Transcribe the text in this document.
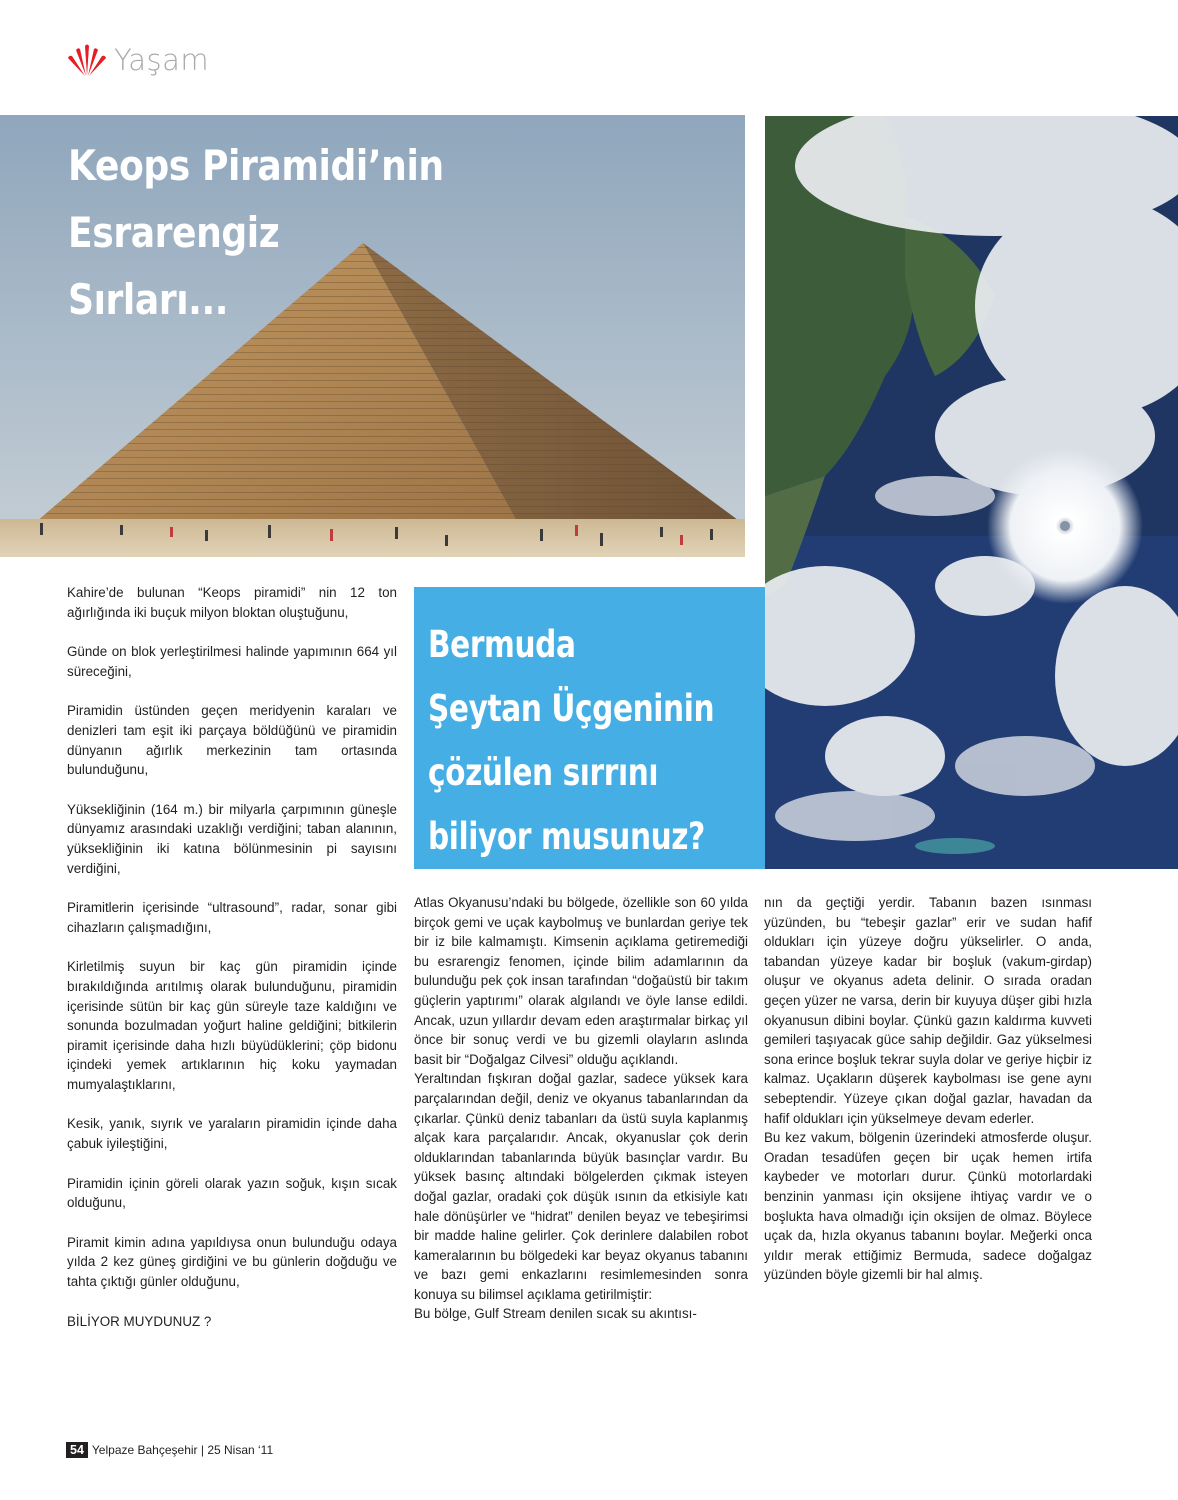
Yaşam
Keops Piramidi’nin
Esrarengiz
Sırları...
Bermuda
Şeytan Üçgeninin
çözülen sırrını
biliyor musunuz?

Kahire’de bulunan “Keops piramidi” nin 12 ton ağırlığında iki buçuk milyon bloktan oluştuğunu,

Günde on blok yerleştirilmesi halinde yapımının 664 yıl süreceğini,

Piramidin üstünden geçen meridyenin karaları ve denizleri tam eşit iki parçaya böldüğünü ve piramidin dünyanın ağırlık merkezinin tam ortasında bulunduğunu,

Yüksekliğinin (164 m.) bir milyarla çarpımının güneşle dünyamız arasındaki uzaklığı verdiğini; taban alanının, yüksekliğinin iki katına bölünmesinin pi sayısını verdiğini,

Piramitlerin içerisinde “ultrasound”, radar, sonar gibi cihazların çalışmadığını,

Kirletilmiş suyun bir kaç gün piramidin içinde bırakıldığında arıtılmış olarak bulunduğunu, piramidin içerisinde sütün bir kaç gün süreyle taze kaldığını ve sonunda bozulmadan yoğurt haline geldiğini; bitkilerin piramit içerisinde daha hızlı büyüdüklerini; çöp bidonu içindeki yemek artıklarının hiç koku yaymadan mumyalaştıklarını,

Kesik, yanık, sıyrık ve yaraların piramidin içinde daha çabuk iyileştiğini,

Piramidin içinin göreli olarak yazın soğuk, kışın sıcak olduğunu,

Piramit kimin adına yapıldıysa onun bulunduğu odaya yılda 2 kez güneş girdiğini ve bu günlerin doğduğu ve tahta çıktığı günler olduğunu,

BİLİYOR MUYDUNUZ ?

Atlas Okyanusu’ndaki bu bölgede, özellikle son 60 yılda birçok gemi ve uçak kaybolmuş ve bunlardan geriye tek bir iz bile kalmamıştı. Kimsenin açıklama getiremediği bu esrarengiz fenomen, içinde bilim adamlarının da bulunduğu pek çok insan tarafından “doğaüstü bir takım güçlerin yaptırımı” olarak algılandı ve öyle lanse edildi. Ancak, uzun yıllardır devam eden araştırmalar birkaç yıl önce bir sonuç verdi ve bu gizemli olayların aslında basit bir “Doğalgaz Cilvesi” olduğu açıklandı.

Yeraltından fışkıran doğal gazlar, sadece yüksek kara parçalarından değil, deniz ve okyanus tabanlarından da çıkarlar. Çünkü deniz tabanları da üstü suyla kaplanmış alçak kara parçalarıdır. Ancak, okyanuslar çok derin olduklarından tabanlarında büyük basınçlar vardır. Bu yüksek basınç altındaki bölgelerden çıkmak isteyen doğal gazlar, oradaki çok düşük ısının da etkisiyle katı hale dönüşürler ve “hidrat” denilen beyaz ve tebeşirimsi bir madde haline gelirler. Çok derinlere dalabilen robot kameralarının bu bölgedeki kar beyaz okyanus tabanını ve bazı gemi enkazlarını resimlemesinden sonra konuya su bilimsel açıklama getirilmiştir:

Bu bölge, Gulf Stream denilen sıcak su akıntısı-

nın da geçtiği yerdir. Tabanın bazen ısınması yüzünden, bu “tebeşir gazlar” erir ve sudan hafif oldukları için yüzeye doğru yükselirler. O anda, tabandan yüzeye kadar bir boşluk (vakum-girdap) oluşur ve okyanus adeta delinir. O sırada oradan geçen yüzer ne varsa, derin bir kuyuya düşer gibi hızla okyanusun dibini boylar. Çünkü gazın kaldırma kuvveti gemileri taşıyacak güce sahip değildir. Gaz yükselmesi sona erince boşluk tekrar suyla dolar ve geriye hiçbir iz kalmaz. Uçakların düşerek kaybolması ise gene aynı sebeptendir. Yüzeye çıkan doğal gazlar, havadan da hafif oldukları için yükselmeye devam ederler.

Bu kez vakum, bölgenin üzerindeki atmosferde oluşur. Oradan tesadüfen geçen bir uçak hemen irtifa kaybeder ve motorları durur. Çünkü motorlardaki benzinin yanması için oksijene ihtiyaç vardır ve o boşlukta hava olmadığı için oksijen de olmaz. Böylece uçak da, hızla okyanus tabanını boylar. Meğerki onca yıldır merak ettiğimiz Bermuda, sadece doğalgaz yüzünden böyle gizemli bir hal almış.

54 Yelpaze Bahçeşehir | 25 Nisan ‘11
